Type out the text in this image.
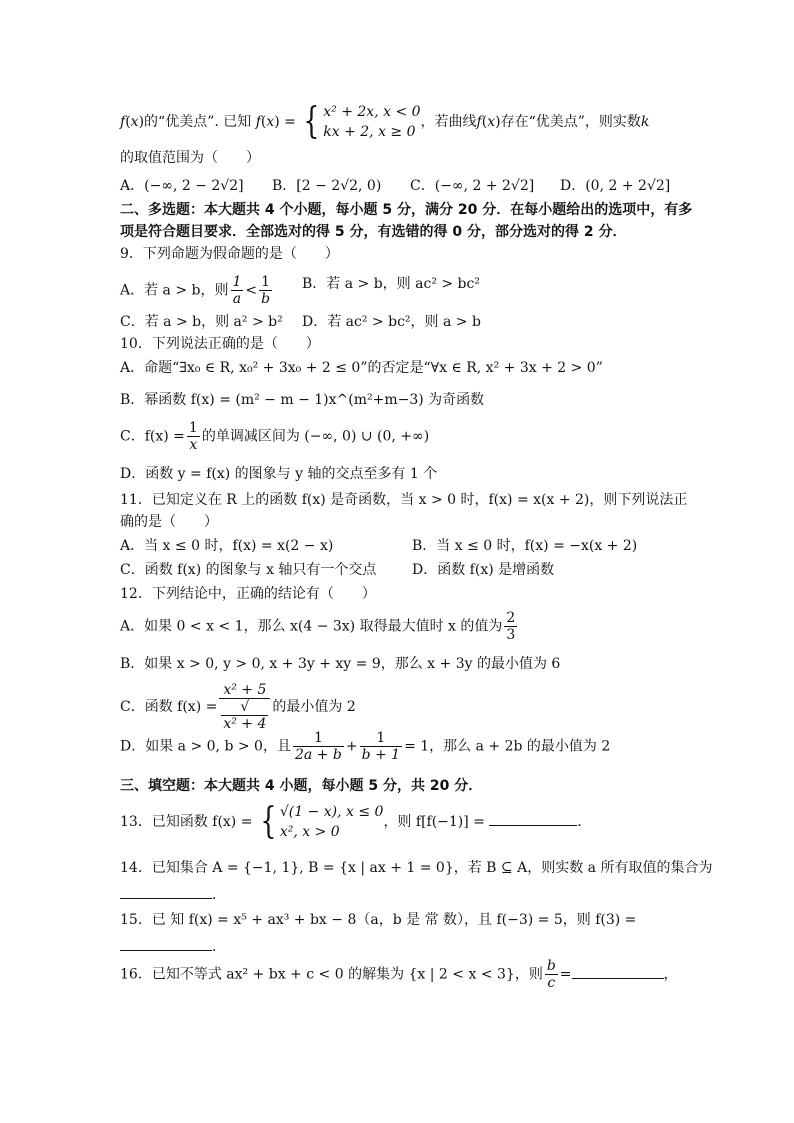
f(x)的“优美点”. 已知 f(x) = { x² + 2x, x < 0
kx + 2, x ≥ 0
，若曲线f(x)存在“优美点”，则实数k
的取值范围为（　　）
A．(−∞, 2 − 2√2] B．[2 − 2√2, 0) C．(−∞, 2 + 2√2] D．(0, 2 + 2√2]
二、多选题：本大题共 4 个小题，每小题 5 分，满分 20 分．在每小题给出的选项中，有多
项是符合题目要求．全部选对的得 5 分，有选错的得 0 分，部分选对的得 2 分．
9．下列命题为假命题的是（　　）
A．若 a > b，则 $\frac{1}{a} < \frac{1}{b}$ B．若 a > b，则 ac² > bc²
C．若 a > b，则 a² > b² D．若 ac² > bc²，则 a > b
10．下列说法正确的是（　　）
A．命题“∃x₀ ∈ R, x₀² + 3x₀ + 2 ≤ 0”的否定是“∀x ∈ R, x² + 3x + 2 > 0”
B．幂函数 f(x) = (m² − m − 1)x^(m²+m−3) 为奇函数
C．$f(x) = \frac{1}{x}$ 的单调减区间为 (−∞, 0) ∪ (0, +∞)
D．函数 y = f(x) 的图象与 y 轴的交点至多有 1 个
11．已知定义在 R 上的函数 f(x) 是奇函数，当 x > 0 时，f(x) = x(x + 2)，则下列说法正
确的是（　　）
A．当 x ≤ 0 时，f(x) = x(2 − x)	B．当 x ≤ 0 时，f(x) = −x(x + 2)
C．函数 f(x) 的图象与 x 轴只有一个交点	D．函数 f(x) 是增函数
12．下列结论中，正确的结论有（　　）
A．如果 0 < x < 1，那么 x(4 − 3x) 取得最大值时 x 的值为 $\frac{2}{3}$
B．如果 x > 0, y > 0, x + 3y + xy = 9，那么 x + 3y 的最小值为 6
C．函数 f(x) = x² + 5
√
x² + 4 的最小值为 2
D．如果 a > 0, b > 0，且 $\frac{1}{2a + b} + \frac{1}{b + 1} = 1$，那么 a + 2b 的最小值为 2
三、填空题：本大题共 4 小题，每小题 5 分，共 20 分．
13．已知函数 f(x) = { √(1 − x), x ≤ 0
x², x > 0
，则 f[f(−1)] =	．
14．已知集合 A = {−1, 1}, B = {x | ax + 1 = 0}，若 B ⊆ A，则实数 a 所有取值的集合为
．
15．已 知 f(x) = x⁵ + ax³ + bx − 8（a，b 是 常 数），且 f(−3) = 5，则 f(3) =
．
16．已知不等式 ax² + bx + c < 0 的解集为 {x | 2 < x < 3}，则 $\frac{b}{c}$ =	，
